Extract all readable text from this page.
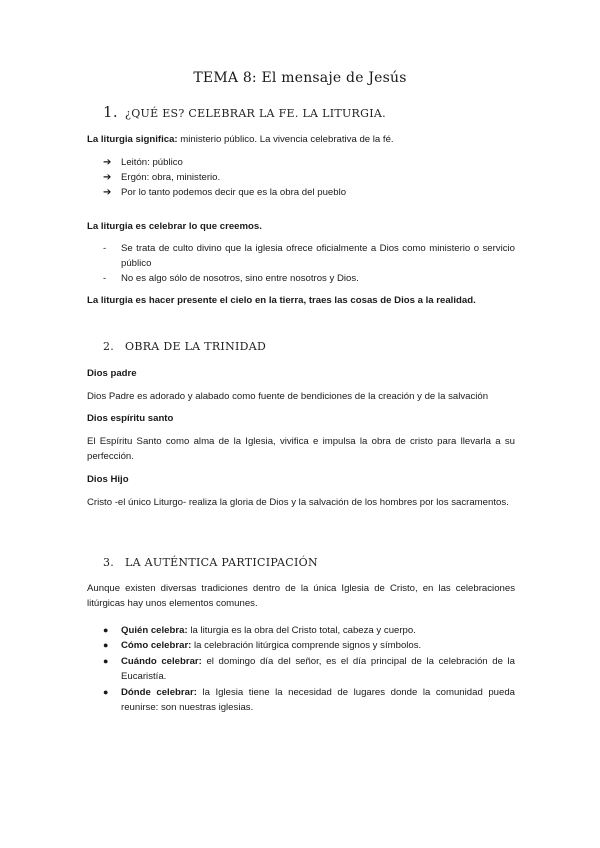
TEMA 8: El mensaje de Jesús
1. ¿QUÉ ES? CELEBRAR LA FE. LA LITURGIA.

La liturgia significa: ministerio público. La vivencia celebrativa de la fé.

➔ Leitón: público
➔ Ergón: obra, ministerio.
➔ Por lo tanto podemos decir que es la obra del pueblo

La liturgia es celebrar lo que creemos.

- Se trata de culto divino que la iglesia ofrece oficialmente a Dios como ministerio o servicio público
- No es algo sólo de nosotros, sino entre nosotros y Dios.

La liturgia es hacer presente el cielo en la tierra, traes las cosas de Dios a la realidad.

2. OBRA DE LA TRINIDAD

Dios padre

Dios Padre es adorado y alabado como fuente de bendiciones de la creación y de la salvación

Dios espíritu santo

El Espíritu Santo como alma de la Iglesia, vivifica e impulsa la obra de cristo para llevarla a su perfección.

Dios Hijo

Cristo -el único Liturgo- realiza la gloria de Dios y la salvación de los hombres por los sacramentos.

3. LA AUTÉNTICA PARTICIPACIÓN

Aunque existen diversas tradiciones dentro de la única Iglesia de Cristo, en las celebraciones litúrgicas hay unos elementos comunes.

● Quién celebra: la liturgia es la obra del Cristo total, cabeza y cuerpo.
● Cómo celebrar: la celebración litúrgica comprende signos y símbolos.
● Cuándo celebrar: el domingo día del señor, es el día principal de la celebración de la Eucaristía.
● Dónde celebrar: la Iglesia tiene la necesidad de lugares donde la comunidad pueda reunirse: son nuestras iglesias.
